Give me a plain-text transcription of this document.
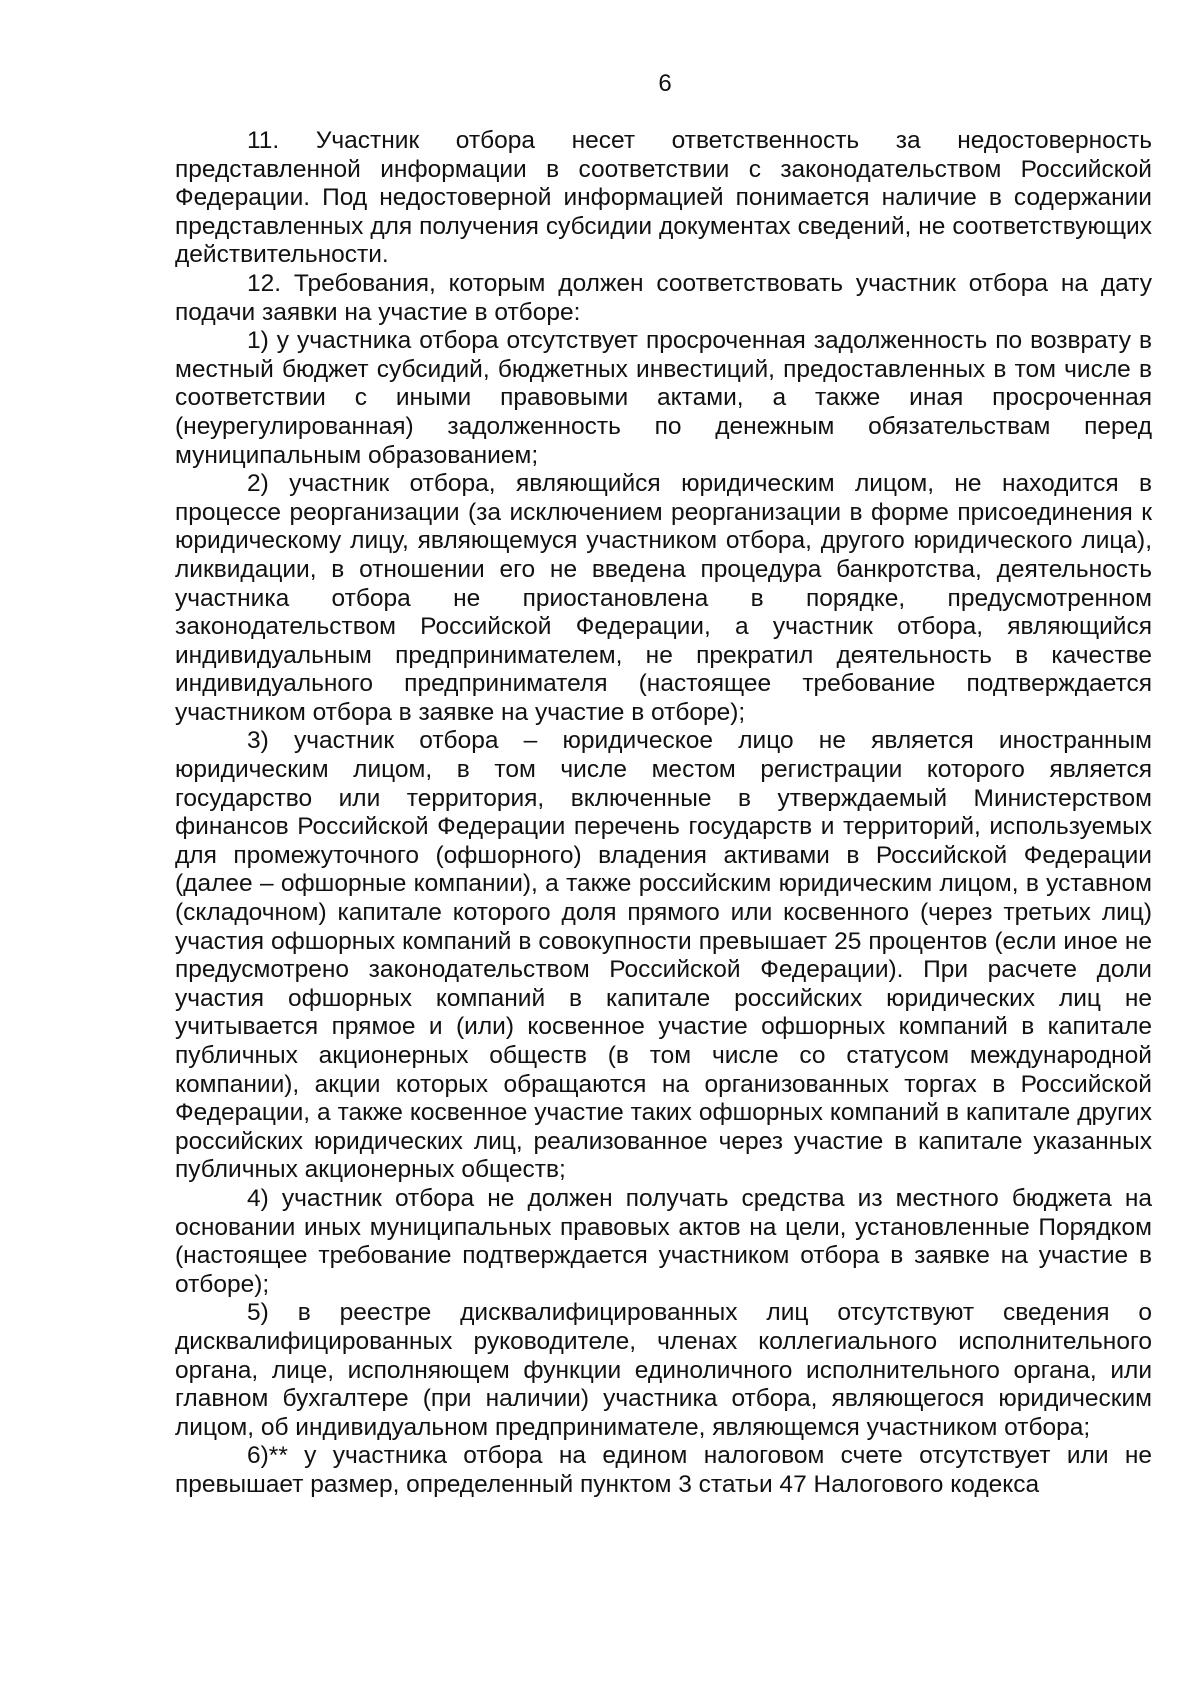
6

11. Участник отбора несет ответственность за недостоверность представленной информации в соответствии с законодательством Российской Федерации. Под недостоверной информацией понимается наличие в содержании представленных для получения субсидии документах сведений, не соответствующих действительности.

12. Требования, которым должен соответствовать участник отбора на дату подачи заявки на участие в отборе:

1) у участника отбора отсутствует просроченная задолженность по возврату в местный бюджет субсидий, бюджетных инвестиций, предоставленных в том числе в соответствии с иными правовыми актами, а также иная просроченная (неурегулированная) задолженность по денежным обязательствам перед муниципальным образованием;

2) участник отбора, являющийся юридическим лицом, не находится в процессе реорганизации (за исключением реорганизации в форме присоединения к юридическому лицу, являющемуся участником отбора, другого юридического лица), ликвидации, в отношении его не введена процедура банкротства, деятельность участника отбора не приостановлена в порядке, предусмотренном законодательством Российской Федерации, а участник отбора, являющийся индивидуальным предпринимателем, не прекратил деятельность в качестве индивидуального предпринимателя (настоящее требование подтверждается участником отбора в заявке на участие в отборе);

3) участник отбора – юридическое лицо не является иностранным юридическим лицом, в том числе местом регистрации которого является государство или территория, включенные в утверждаемый Министерством финансов Российской Федерации перечень государств и территорий, используемых для промежуточного (офшорного) владения активами в Российской Федерации (далее – офшорные компании), а также российским юридическим лицом, в уставном (складочном) капитале которого доля прямого или косвенного (через третьих лиц) участия офшорных компаний в совокупности превышает 25 процентов (если иное не предусмотрено законодательством Российской Федерации). При расчете доли участия офшорных компаний в капитале российских юридических лиц не учитывается прямое и (или) косвенное участие офшорных компаний в капитале публичных акционерных обществ (в том числе со статусом международной компании), акции которых обращаются на организованных торгах в Российской Федерации, а также косвенное участие таких офшорных компаний в капитале других российских юридических лиц, реализованное через участие в капитале указанных публичных акционерных обществ;

4) участник отбора не должен получать средства из местного бюджета на основании иных муниципальных правовых актов на цели, установленные Порядком (настоящее требование подтверждается участником отбора в заявке на участие в отборе);

5) в реестре дисквалифицированных лиц отсутствуют сведения о дисквалифицированных руководителе, членах коллегиального исполнительного органа, лице, исполняющем функции единоличного исполнительного органа, или главном бухгалтере (при наличии) участника отбора, являющегося юридическим лицом, об индивидуальном предпринимателе, являющемся участником отбора;

6)** у участника отбора на едином налоговом счете отсутствует или не превышает размер, определенный пунктом 3 статьи 47 Налогового кодекса
